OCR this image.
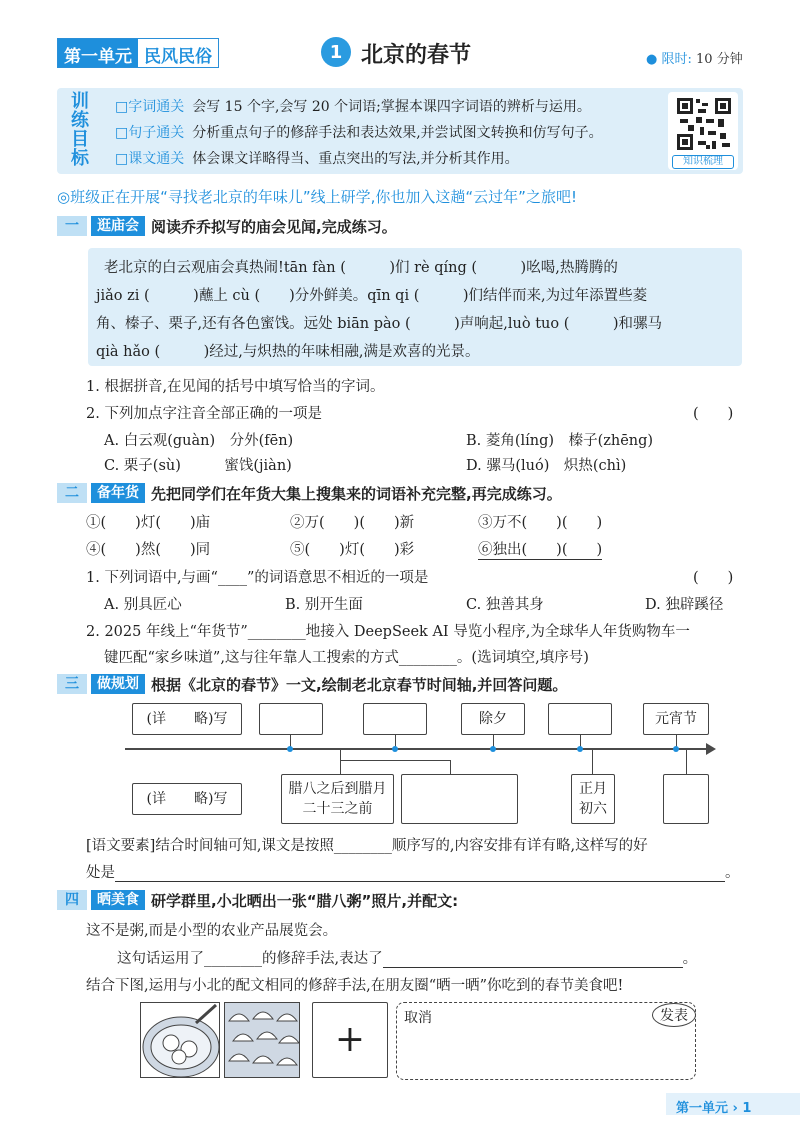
第一单元 民风民俗	1 北京的春节	● 限时: 10 分钟
训练目标
□字词通关 会写 15 个字,会写 20 个词语;掌握本课四字词语的辨析与运用。
□句子通关 分析重点句子的修辞手法和表达效果,并尝试图文转换和仿写句子。
□课文通关 体会课文详略得当、重点突出的写法,并分析其作用。	知识梳理
◎班级正在开展“寻找老北京的年味儿”线上研学,你也加入这趟“云过年”之旅吧!
一	逛庙会 阅读乔乔拟写的庙会见闻,完成练习。
老北京的白云观庙会真热闹!tān fàn (　　　)们 rè qíng (　　　)吆喝,热腾腾的
jiǎo zi (　　　)蘸上 cù (　　)分外鲜美。qīn qi (　　　)们结伴而来,为过年添置些菱
角、榛子、栗子,还有各色蜜饯。远处 biān pào (　　　)声响起,luò tuo (　　　)和骡马
qià hǎo (　　　)经过,与炽热的年味相融,满是欢喜的光景。
1. 根据拼音,在见闻的括号中填写恰当的字词。
2. 下列加点字注音全部正确的一项是	(　　)
A. 白云观(guàn)　 分外(fēn)	B. 菱角(líng)　 榛子(zhēng)
C. 栗子(sù)　　　	蜜饯(jiàn)	D. 骡马(luó)　 炽热(chì)
二	备年货 先把同学们在年货大集上搜集来的词语补充完整,再完成练习。
①(　　)灯(　　)庙	②万(　　)(　　)新	③万不(　　)(　　)
④(　　)然(　　)同	⑤(　　)灯(　　)彩	⑥独出(　　)(　　)
1. 下列词语中,与画“____”的词语意思不相近的一项是	(　　)
A. 别具匠心	B. 别开生面	C. 独善其身	D. 独辟蹊径
2. 2025 年线上“年货节”________地接入 DeepSeek AI 导览小程序,为全球华人年货购物车一
键匹配“家乡味道”,这与往年靠人工搜索的方式________。(选词填空,填序号)
三	做规划 根据《北京的春节》一文,绘制老北京春节时间轴,并回答问题。
(详　　略)写	除夕	元宵节
(详　　略)写
腊八之后到腊月二十三之前
正月初六
[语文要素]结合时间轴可知,课文是按照________顺序写的,内容安排有详有略,这样写的好
处是	。
四	晒美食 研学群里,小北晒出一张“腊八粥”照片,并配文:
这不是粥,而是小型的农业产品展览会。
这句话运用了________的修辞手法,表达了	。
结合下图,运用与小北的配文相同的修辞手法,在朋友圈“晒一晒”你吃到的春节美食吧!
+
取消	发表
第一单元 › 1
